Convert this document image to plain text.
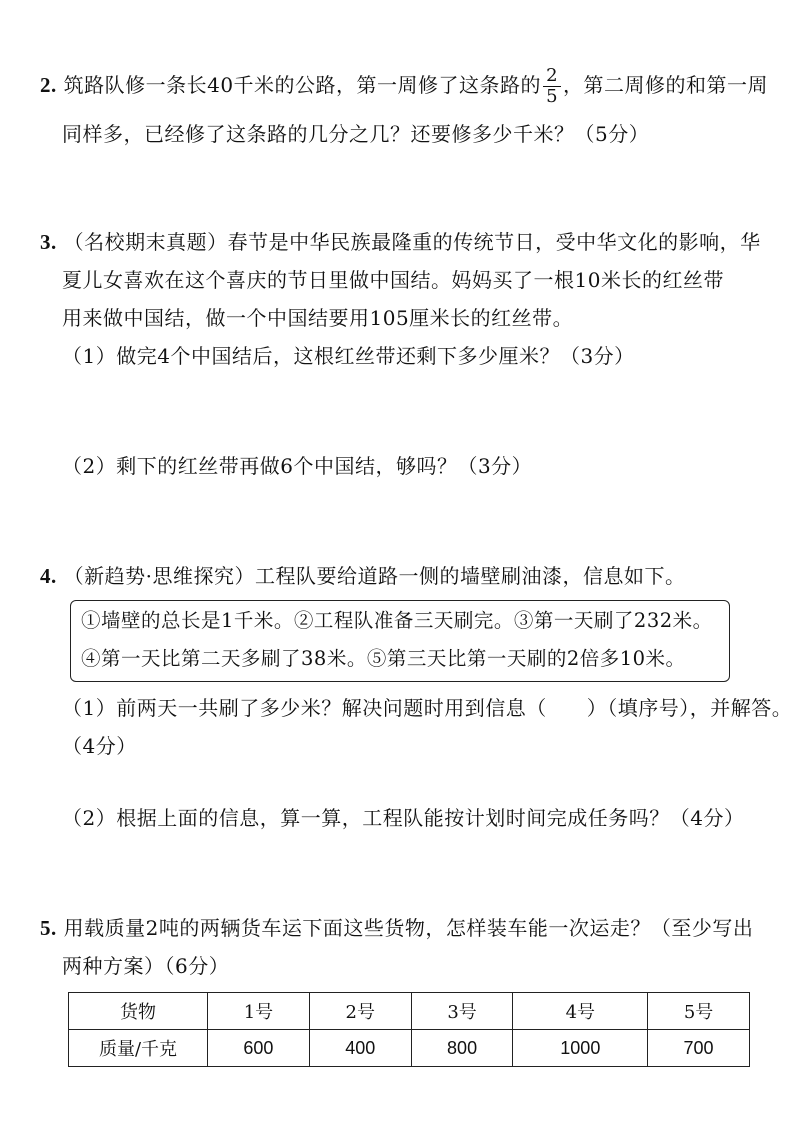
2. 筑路队修一条长40千米的公路，第一周修了这条路的 $\frac{2}{5}$ ，第二周修的和第一周
同样多，已经修了这条路的几分之几？还要修多少千米？（5分）
3. （名校期末真题）春节是中华民族最隆重的传统节日，受中华文化的影响，华
夏儿女喜欢在这个喜庆的节日里做中国结。妈妈买了一根10米长的红丝带
用来做中国结，做一个中国结要用105厘米长的红丝带。
（1）做完4个中国结后，这根红丝带还剩下多少厘米？（3分）
（2）剩下的红丝带再做6个中国结，够吗？（3分）
4. （新趋势·思维探究）工程队要给道路一侧的墙壁刷油漆，信息如下。
①墙壁的总长是1千米。②工程队准备三天刷完。③第一天刷了232米。
④第一天比第二天多刷了38米。⑤第三天比第一天刷的2倍多10米。
（1）前两天一共刷了多少米？解决问题时用到信息（ ）（填序号），并解答。
（4分）
（2）根据上面的信息，算一算，工程队能按计划时间完成任务吗？（4分）
5. 用载质量2吨的两辆货车运下面这些货物，怎样装车能一次运走？（至少写出
两种方案）（6分）
货物	1号	2号	3号	4号	5号
质量/千克	600	400	800	1000	700
